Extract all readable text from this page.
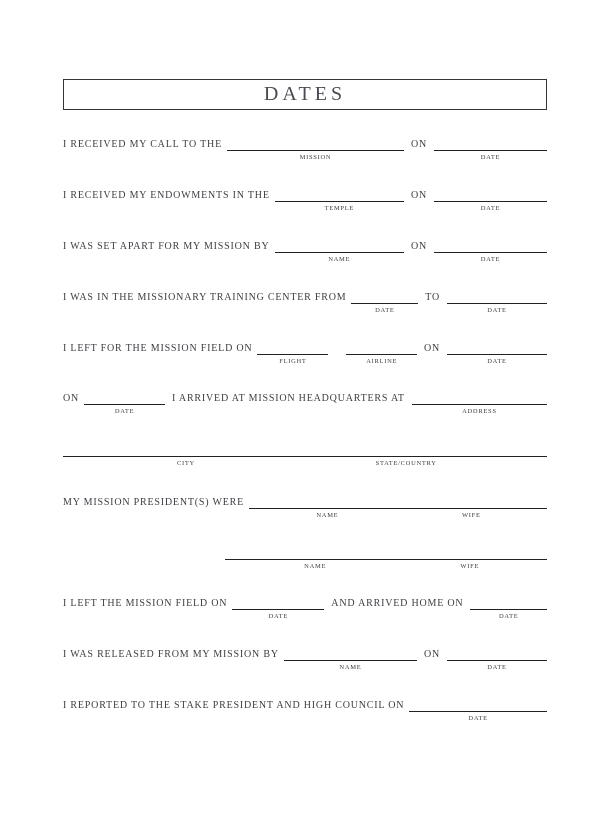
DATES
I RECEIVED MY CALL TO THE
MISSION
ON
DATE
I RECEIVED MY ENDOWMENTS IN THE
TEMPLE
ON
DATE
I WAS SET APART FOR MY MISSION BY
NAME
ON
DATE
I WAS IN THE MISSIONARY TRAINING CENTER FROM
DATE
TO
DATE
I LEFT FOR THE MISSION FIELD ON
FLIGHT	AIRLINE
ON
DATE
ON
DATE
I ARRIVED AT MISSION HEADQUARTERS AT
ADDRESS
CITY	STATE/COUNTRY
MY MISSION PRESIDENT(S) WERE
NAME	WIFE
NAME	WIFE
I LEFT THE MISSION FIELD ON
DATE
AND ARRIVED HOME ON
DATE
I WAS RELEASED FROM MY MISSION BY
NAME
ON
DATE
I REPORTED TO THE STAKE PRESIDENT AND HIGH COUNCIL ON
DATE
